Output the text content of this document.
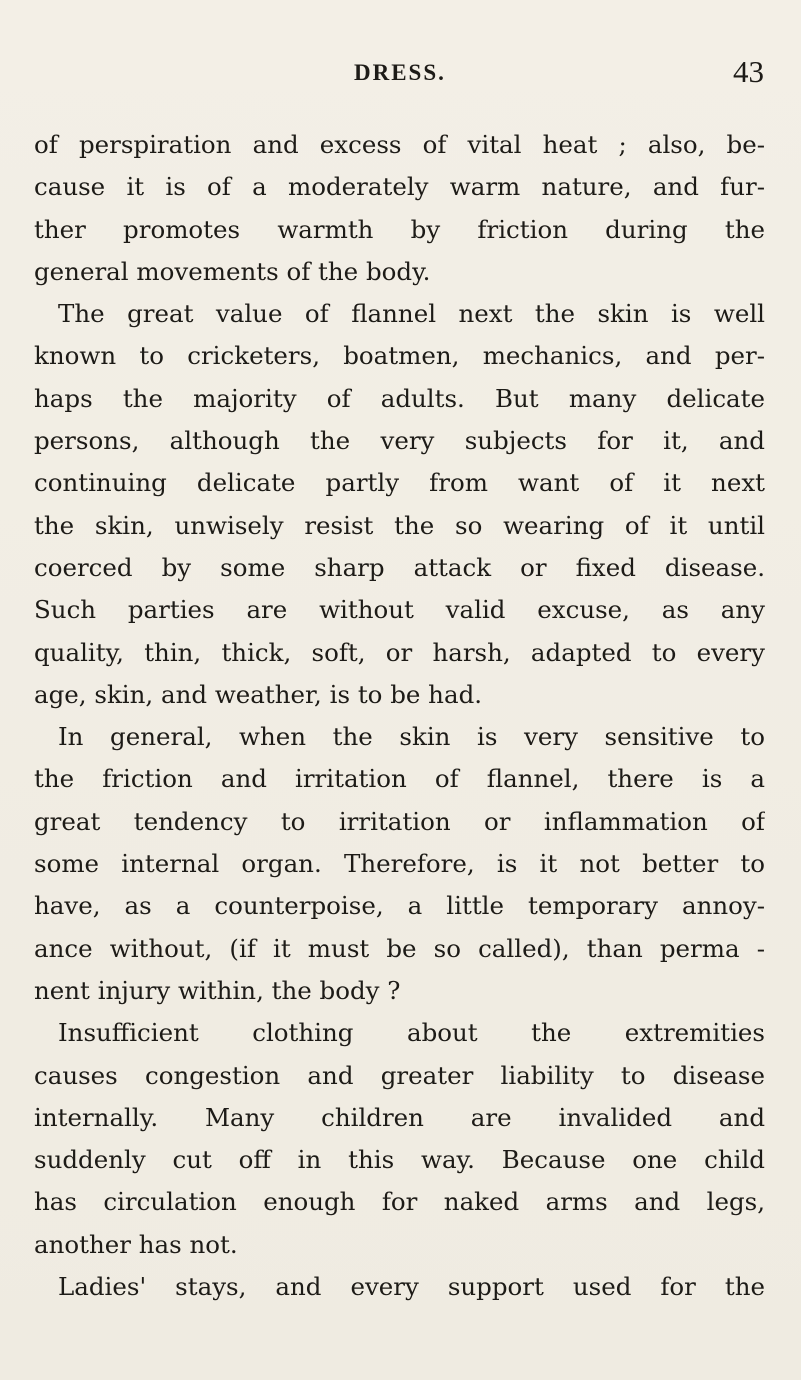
DRESS.	43
of perspiration and excess of vital heat ; also, be-
cause it is of a moderately warm nature, and fur-
ther promotes warmth by friction during the
general movements of the body.
The great value of flannel next the skin is well
known to cricketers, boatmen, mechanics, and per-
haps the majority of adults. But many delicate
persons, although the very subjects for it, and
continuing delicate partly from want of it next
the skin, unwisely resist the so wearing of it until
coerced by some sharp attack or fixed disease.
Such parties are without valid excuse, as any
quality, thin, thick, soft, or harsh, adapted to every
age, skin, and weather, is to be had.
In general, when the skin is very sensitive to
the friction and irritation of flannel, there is a
great tendency to irritation or inflammation of
some internal organ. Therefore, is it not better to
have, as a counterpoise, a little temporary annoy-
ance without, (if it must be so called), than perma -
nent injury within, the body ?
Insufficient clothing about the extremities
causes congestion and greater liability to disease
internally. Many children are invalided and
suddenly cut off in this way. Because one child
has circulation enough for naked arms and legs,
another has not.
Ladies' stays, and every support used for the
